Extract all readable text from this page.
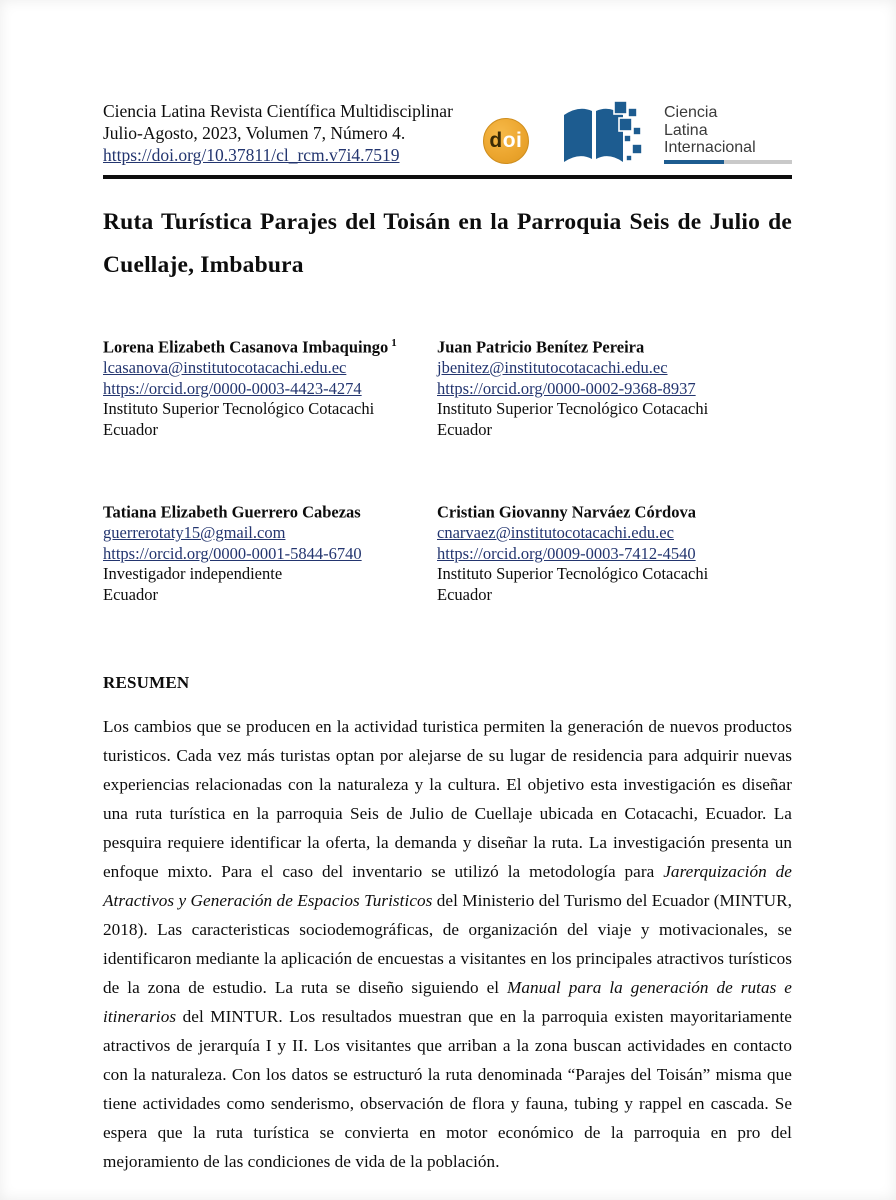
Ciencia Latina Revista Científica Multidisciplinar
Julio-Agosto, 2023, Volumen 7, Número 4.
https://doi.org/10.37811/cl_rcm.v7i4.7519
d oi
Ciencia
Latina
Internacional
Ruta Turística Parajes del Toisán en la Parroquia Seis de Julio de Cuellaje, Imbabura
Lorena Elizabeth Casanova Imbaquingo $^1$
lcasanova@institutocotacachi.edu.ec
https://orcid.org/0000-0003-4423-4274
Instituto Superior Tecnológico Cotacachi
Ecuador
Juan Patricio Benítez Pereira
jbenitez@institutocotacachi.edu.ec
https://orcid.org/0000-0002-9368-8937
Instituto Superior Tecnológico Cotacachi
Ecuador
Tatiana Elizabeth Guerrero Cabezas
guerrerotaty15@gmail.com
https://orcid.org/0000-0001-5844-6740
Investigador independiente
Ecuador
Cristian Giovanny Narváez Córdova
cnarvaez@institutocotacachi.edu.ec
https://orcid.org/0009-0003-7412-4540
Instituto Superior Tecnológico Cotacachi
Ecuador
RESUMEN

Los cambios que se producen en la actividad turistica permiten la generación de nuevos productos turisticos. Cada vez más turistas optan por alejarse de su lugar de residencia para adquirir nuevas experiencias relacionadas con la naturaleza y la cultura. El objetivo esta investigación es diseñar una ruta turística en la parroquia Seis de Julio de Cuellaje ubicada en Cotacachi, Ecuador. La pesquira requiere identificar la oferta, la demanda y diseñar la ruta. La investigación presenta un enfoque mixto. Para el caso del inventario se utilizó la metodología para Jarerquización de Atractivos y Generación de Espacios Turisticos del Ministerio del Turismo del Ecuador (MINTUR, 2018). Las caracteristicas sociodemográficas, de organización del viaje y motivacionales, se identificaron mediante la aplicación de encuestas a visitantes en los principales atractivos turísticos de la zona de estudio. La ruta se diseño siguiendo el Manual para la generación de rutas e itinerarios del MINTUR. Los resultados muestran que en la parroquia existen mayoritariamente atractivos de jerarquía I y II. Los visitantes que arriban a la zona buscan actividades en contacto con la naturaleza. Con los datos se estructuró la ruta denominada “Parajes del Toisán” misma que tiene actividades como senderismo, observación de flora y fauna, tubing y rappel en cascada. Se espera que la ruta turística se convierta en motor económico de la parroquia en pro del mejoramiento de las condiciones de vida de la población.
